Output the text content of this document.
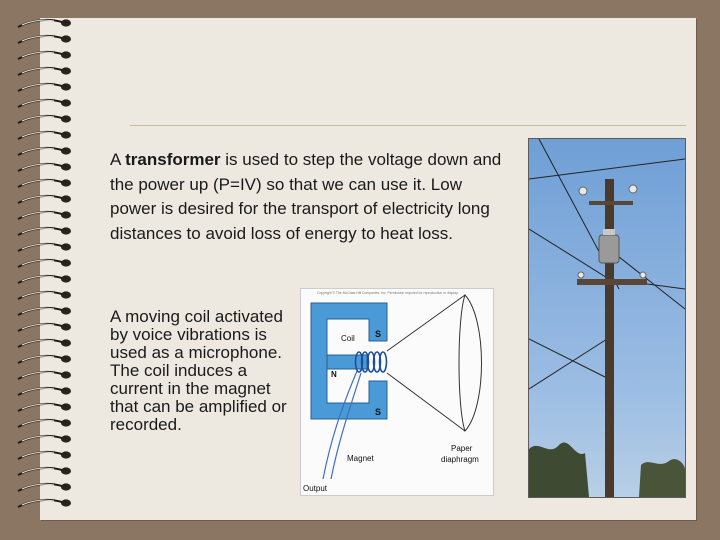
A transformer is used to step the voltage down and the power up (P=IV) so that we can use it. Low power is desired for the transport of electricity long distances to avoid loss of energy to heat loss.

A moving coil activated by voice vibrations is used as a microphone. The coil induces a current in the magnet that can be amplified or recorded.

Copyright © The McGraw-Hill Companies, Inc. Permission required for reproduction or display.
Coil S
N
S
Magnet
Paper
diaphragm
Output
